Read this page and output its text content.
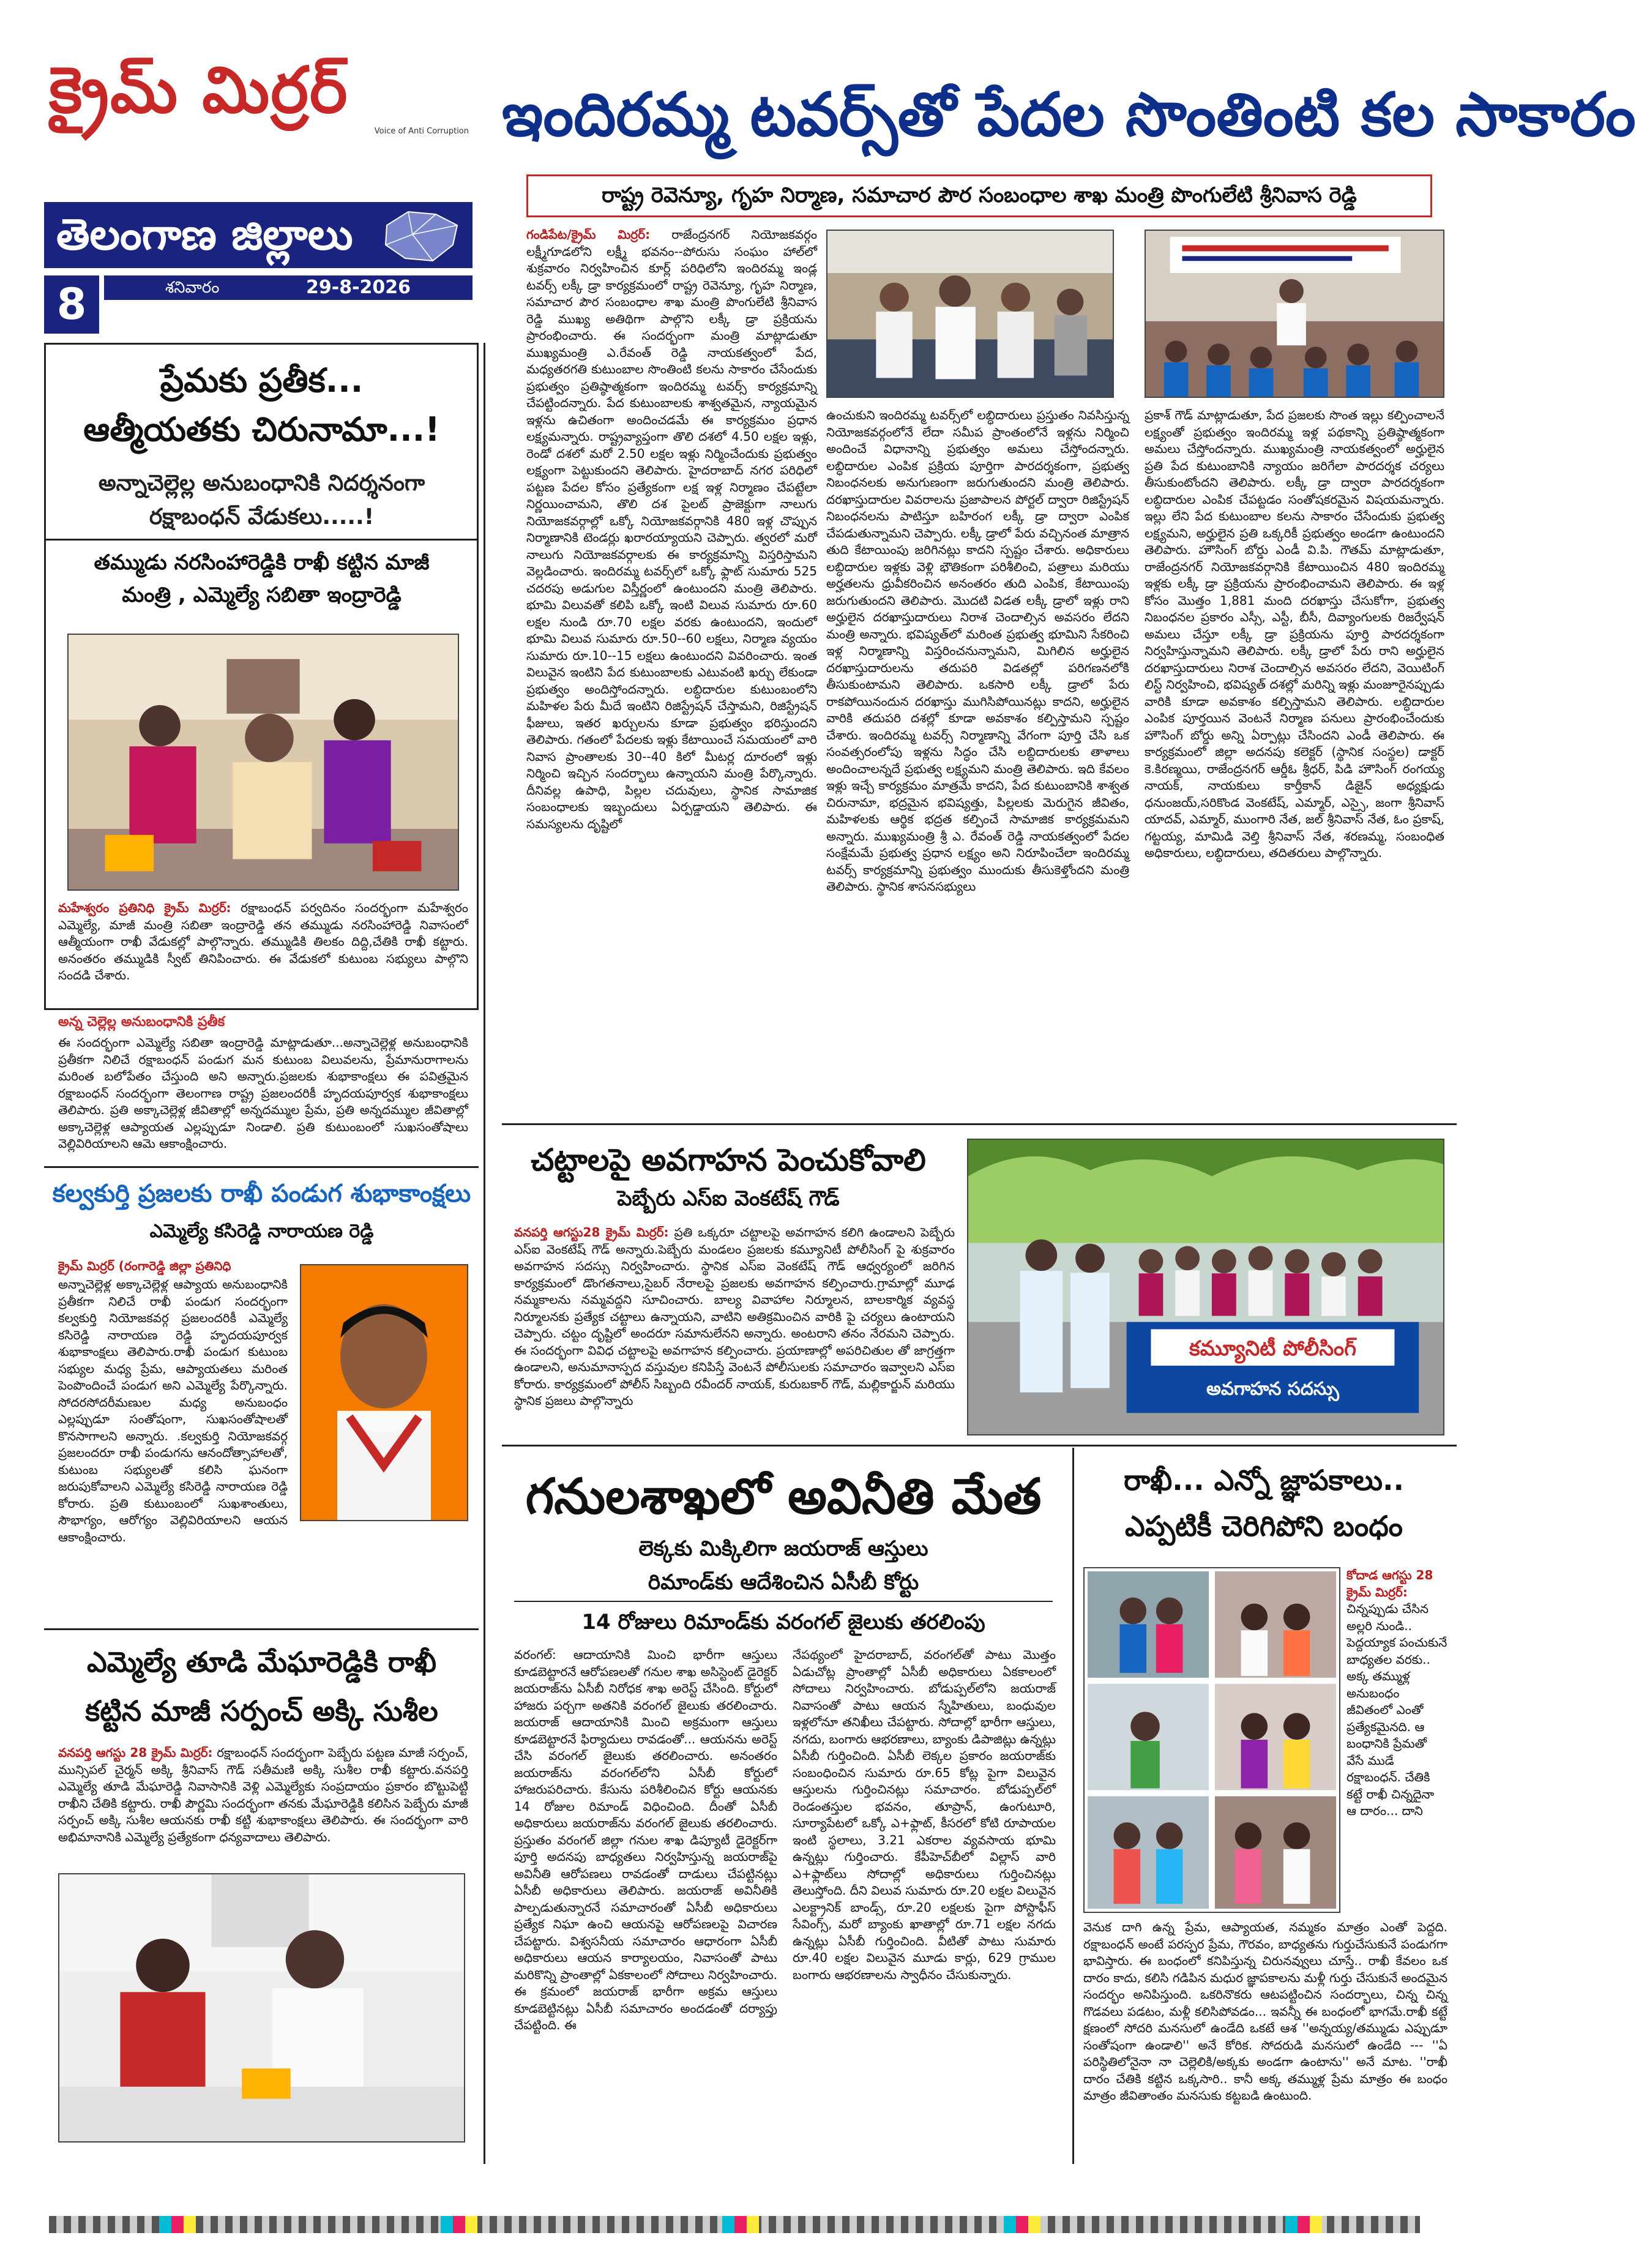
క్రైమ్ మిర్రర్
Voice of Anti Corruption
తెలంగాణ జిల్లాలు
8	శనివారం	29-8-2026
ఇందిరమ్మ టవర్స్‌తో పేదల సొంతింటి కల సాకారం
రాష్ట్ర రెవెన్యూ, గృహ నిర్మాణ, సమాచార పౌర సంబంధాల శాఖ మంత్రి పొంగులేటి శ్రీనివాస రెడ్డి
గండిపేట/క్రైమ్ మిర్రర్: రాజేంద్రనగర్ నియోజకవర్గం లక్ష్మీగూడలోని లక్ష్మీ భవనం--పోరుసు సంఘం హాల్‌లో శుక్రవారం నిర్వహించిన కూర్ల్ పరిధిలోని ఇందిరమ్మ ఇండ్ల టవర్స్ లక్కీ డ్రా కార్యక్రమంలో రాష్ట్ర రెవెన్యూ, గృహ నిర్మాణ, సమాచార పౌర సంబంధాల శాఖ మంత్రి పొంగులేటి శ్రీనివాస రెడ్డి ముఖ్య అతిథిగా పాల్గొని లక్కీ డ్రా ప్రక్రియను ప్రారంభించారు. ఈ సందర్భంగా మంత్రి మాట్లాడుతూ ముఖ్యమంత్రి ఎ.రేవంత్ రెడ్డి నాయకత్వంలో పేద, మధ్యతరగతి కుటుంబాల సొంతింటి కలను సాకారం చేసేందుకు ప్రభుత్వం ప్రతిష్ఠాత్మకంగా ఇందిరమ్మ టవర్స్ కార్యక్రమాన్ని చేపట్టిందన్నారు. పేద కుటుంబాలకు శాశ్వతమైన, న్యాయమైన ఇళ్లను ఉచితంగా అందించడమే ఈ కార్యక్రమం ప్రధాన లక్ష్యమన్నారు. రాష్ట్రవ్యాప్తంగా తొలి దశలో 4.50 లక్షల ఇళ్లు, రెండో దశలో మరో 2.50 లక్షల ఇళ్లు నిర్మించేందుకు ప్రభుత్వం లక్ష్యంగా పెట్టుకుందని తెలిపారు. హైదరాబాద్ నగర పరిధిలో పట్టణ పేదల కోసం ప్రత్యేకంగా లక్ష ఇళ్ల నిర్మాణం చేపట్టేలా నిర్ణయించామని, తొలి దశ పైలట్ ప్రాజెక్టుగా నాలుగు నియోజకవర్గాల్లో ఒక్కో నియోజకవర్గానికి 480 ఇళ్ల చొప్పున నిర్మాణానికి టెండర్లు ఖరారయ్యాయని చెప్పారు. త్వరలో మరో నాలుగు నియోజకవర్గాలకు ఈ కార్యక్రమాన్ని విస్తరిస్తామని వెల్లడించారు. ఇందిరమ్మ టవర్స్‌లో ఒక్కో ఫ్లాట్ సుమారు 525 చదరపు అడుగుల విస్తీర్ణంలో ఉంటుందని మంత్రి తెలిపారు. భూమి విలువతో కలిపి ఒక్కో ఇంటి విలువ సుమారు రూ.60 లక్షల నుండి రూ.70 లక్షల వరకు ఉంటుందని, ఇందులో భూమి విలువ సుమారు రూ.50--60 లక్షలు, నిర్మాణ వ్యయం సుమారు రూ.10--15 లక్షలు ఉంటుందని వివరించారు. ఇంత విలువైన ఇంటిని పేద కుటుంబాలకు ఎటువంటి ఖర్చు లేకుండా ప్రభుత్వం అందిస్తోందన్నారు. లబ్ధిదారుల కుటుంబంలోని మహిళల పేరు మీదే ఇంటిని రిజిస్ట్రేషన్ చేస్తామని, రిజిస్ట్రేషన్ ఫీజులు, ఇతర ఖర్చులను కూడా ప్రభుత్వం భరిస్తుందని తెలిపారు. గతంలో పేదలకు ఇళ్లు కేటాయించే సమయంలో వారి నివాస ప్రాంతాలకు 30--40 కిలో మీటర్ల దూరంలో ఇళ్లు నిర్మించి ఇచ్చిన సందర్భాలు ఉన్నాయని మంత్రి పేర్కొన్నారు. దీనివల్ల ఉపాధి, పిల్లల చదువులు, స్థానిక సామాజిక సంబంధాలకు ఇబ్బందులు ఏర్పడ్డాయని తెలిపారు. ఈ సమస్యలను దృష్టిలో
ఉంచుకుని ఇందిరమ్మ టవర్స్‌లో లబ్ధిదారులు ప్రస్తుతం నివసిస్తున్న నియోజకవర్గంలోనే లేదా సమీప ప్రాంతంలోనే ఇళ్లను నిర్మించి అందించే విధానాన్ని ప్రభుత్వం అమలు చేస్తోందన్నారు. లబ్ధిదారుల ఎంపిక ప్రక్రియ పూర్తిగా పారదర్శకంగా, ప్రభుత్వ నిబంధనలకు అనుగుణంగా జరుగుతుందని మంత్రి తెలిపారు. దరఖాస్తుదారుల వివరాలను ప్రజాపాలన పోర్టల్ ద్వారా రిజిస్ట్రేషన్ నిబంధనలను పాటిస్తూ బహిరంగ లక్కీ డ్రా ద్వారా ఎంపిక చేపడుతున్నామని చెప్పారు. లక్కీ డ్రాలో పేరు వచ్చినంత మాత్రాన తుది కేటాయింపు జరిగినట్లు కాదని స్పష్టం చేశారు. అధికారులు లబ్ధిదారుల ఇళ్లకు వెళ్లి భౌతికంగా పరిశీలించి, పత్రాలు మరియు అర్హతలను ధ్రువీకరించిన అనంతరం తుది ఎంపిక, కేటాయింపు జరుగుతుందని తెలిపారు. మొదటి విడత లక్కీ డ్రాలో ఇళ్లు రాని అర్హులైన దరఖాస్తుదారులు నిరాశ చెందాల్సిన అవసరం లేదని మంత్రి అన్నారు. భవిష్యత్‌లో మరింత ప్రభుత్వ భూమిని సేకరించి ఇళ్ల నిర్మాణాన్ని విస్తరించనున్నామని, మిగిలిన అర్హులైన దరఖాస్తుదారులను తదుపరి విడతల్లో పరిగణనలోకి తీసుకుంటామని తెలిపారు. ఒకసారి లక్కీ డ్రాలో పేరు రాకపోయినందున దరఖాస్తు ముగిసిపోయినట్లు కాదని, అర్హులైన వారికి తదుపరి దశల్లో కూడా అవకాశం కల్పిస్తామని స్పష్టం చేశారు. ఇందిరమ్మ టవర్స్ నిర్మాణాన్ని వేగంగా పూర్తి చేసి ఒక సంవత్సరంలోపు ఇళ్లను సిద్ధం చేసి లబ్ధిదారులకు తాళాలు అందించాలన్నదే ప్రభుత్వ లక్ష్యమని మంత్రి తెలిపారు. ఇది కేవలం ఇళ్లు ఇచ్చే కార్యక్రమం మాత్రమే కాదని, పేద కుటుంబానికి శాశ్వత చిరునామా, భద్రమైన భవిష్యత్తు, పిల్లలకు మెరుగైన జీవితం, మహిళలకు ఆర్థిక భద్రత కల్పించే సామాజిక కార్యక్రమమని అన్నారు. ముఖ్యమంత్రి శ్రీ ఎ. రేవంత్ రెడ్డి నాయకత్వంలో పేదల సంక్షేమమే ప్రభుత్వ ప్రధాన లక్ష్యం అని నిరూపించేలా ఇందిరమ్మ టవర్స్ కార్యక్రమాన్ని ప్రభుత్వం ముందుకు తీసుకెళ్తోందని మంత్రి తెలిపారు. స్థానిక శాసనసభ్యులు
ప్రకాశ్ గౌడ్ మాట్లాడుతూ, పేద ప్రజలకు సొంత ఇల్లు కల్పించాలనే లక్ష్యంతో ప్రభుత్వం ఇందిరమ్మ ఇళ్ల పథకాన్ని ప్రతిష్ఠాత్మకంగా అమలు చేస్తోందన్నారు. ముఖ్యమంత్రి నాయకత్వంలో అర్హులైన ప్రతి పేద కుటుంబానికి న్యాయం జరిగేలా పారదర్శక చర్యలు తీసుకుంటోందని తెలిపారు. లక్కీ డ్రా ద్వారా పారదర్శకంగా లబ్ధిదారుల ఎంపిక చేపట్టడం సంతోషకరమైన విషయమన్నారు. ఇల్లు లేని పేద కుటుంబాల కలను సాకారం చేసేందుకు ప్రభుత్వ లక్ష్యమని, అర్హులైన ప్రతి ఒక్కరికీ ప్రభుత్వం అండగా ఉంటుందని తెలిపారు. హౌసింగ్ బోర్డు ఎండీ వి.పి. గౌతమ్ మాట్లాడుతూ, రాజేంద్రనగర్ నియోజకవర్గానికి కేటాయించిన 480 ఇందిరమ్మ ఇళ్లకు లక్కీ డ్రా ప్రక్రియను ప్రారంభించామని తెలిపారు. ఈ ఇళ్ల కోసం మొత్తం 1,881 మంది దరఖాస్తు చేసుకోగా, ప్రభుత్వ నిబంధనల ప్రకారం ఎస్సీ, ఎస్టీ, బీసీ, దివ్యాంగులకు రిజర్వేషన్ అమలు చేస్తూ లక్కీ డ్రా ప్రక్రియను పూర్తి పారదర్శకంగా నిర్వహిస్తున్నామని తెలిపారు. లక్కీ డ్రాలో పేరు రాని అర్హులైన దరఖాస్తుదారులు నిరాశ చెందాల్సిన అవసరం లేదని, వెయిటింగ్ లిస్ట్ నిర్వహించి, భవిష్యత్ దశల్లో మరిన్ని ఇళ్లు మంజూరైనప్పుడు వారికి కూడా అవకాశం కల్పిస్తామని తెలిపారు. లబ్ధిదారుల ఎంపిక పూర్తయిన వెంటనే నిర్మాణ పనులు ప్రారంభించేందుకు హౌసింగ్ బోర్డు అన్ని ఏర్పాట్లు చేసిందని ఎండీ తెలిపారు. ఈ కార్యక్రమంలో జిల్లా అదనపు కలెక్టర్ (స్థానిక సంస్థల) డాక్టర్ కె.కిరణ్మయి, రాజేంద్రనగర్ ఆర్డీఓ శ్రీధర్, పిడి హౌసింగ్ రంగయ్య నాయక్, నాయకులు కార్తీకాన్ డిజైన్ అధ్యక్షుడు ధనుంజయ్,సరికొండ వెంకటేష్, ఎమ్మార్, ఎస్సై, జంగా శ్రీనివాస్ యాదవ్, ఎమ్మార్, ముంగారి నేత, జల్ శ్రీనివాస్ నేత, ఓం ప్రకాష్, గట్టయ్య, మామిడి వెల్తి శ్రీనివాస్ నేత, శరణమ్మ, సంబంధిత అధికారులు, లబ్ధిదారులు, తదితరులు పాల్గొన్నారు.
ప్రేమకు ప్రతీక...
ఆత్మీయతకు చిరునామా...!
అన్నాచెల్లెల్ల అనుబంధానికి నిదర్శనంగా
రక్షాబంధన్ వేడుకలు.....!
తమ్ముడు నరసింహారెడ్డికి రాఖీ కట్టిన మాజీ
మంత్రి , ఎమ్మెల్యే సబితా ఇంద్రారెడ్డి
మహేశ్వరం ప్రతినిధి క్రైమ్ మిర్రర్: రక్షాబంధన్ పర్వదినం సందర్భంగా మహేశ్వరం ఎమ్మెల్యే, మాజీ మంత్రి సబితా ఇంద్రారెడ్డి తన తమ్ముడు నరసింహారెడ్డి నివాసంలో ఆత్మీయంగా రాఖీ వేడుకల్లో పాల్గొన్నారు. తమ్ముడికి తిలకం దిద్ది,చేతికి రాఖీ కట్టారు. అనంతరం తమ్ముడికి స్వీట్ తినిపించారు. ఈ వేడుకలో కుటుంబ సభ్యులు పాల్గొని సందడి చేశారు.
అన్న చెల్లెల్ల అనుబంధానికి ప్రతీక
ఈ సందర్భంగా ఎమ్మెల్యే సబితా ఇంద్రారెడ్డి మాట్లాడుతూ...అన్నాచెల్లెళ్ల అనుబంధానికి ప్రతీకగా నిలిచే రక్షాబంధన్ పండుగ మన కుటుంబ విలువలను, ప్రేమానురాగాలను మరింత బలోపేతం చేస్తుంది అని అన్నారు.ప్రజలకు శుభాకాంక్షలు ఈ పవిత్రమైన రక్షాబంధన్ సందర్భంగా తెలంగాణ రాష్ట్ర ప్రజలందరికీ హృదయపూర్వక శుభాకాంక్షలు తెలిపారు. ప్రతి అక్కాచెల్లెళ్ల జీవితాల్లో అన్నదమ్ముల ప్రేమ, ప్రతి అన్నదమ్ముల జీవితాల్లో అక్కాచెల్లెళ్ల ఆప్యాయత ఎల్లప్పుడూ నిండాలి. ప్రతి కుటుంబంలో సుఖసంతోషాలు వెల్లివిరియాలని ఆమె ఆకాంక్షించారు.
కల్వకుర్తి ప్రజలకు రాఖీ పండుగ శుభాకాంక్షలు
ఎమ్మెల్యే కసిరెడ్డి నారాయణ రెడ్డి
క్రైమ్ మిర్రర్ (రంగారెడ్డి జిల్లా ప్రతినిధి
అన్నాచెల్లెళ్ల అక్కాచెల్లెళ్ల ఆప్యాయ అనుబంధానికి ప్రతీకగా నిలిచే రాఖీ పండుగ సందర్భంగా కల్వకుర్తి నియోజకవర్గ ప్రజలందరికీ ఎమ్మెల్యే కసిరెడ్డి నారాయణ రెడ్డి హృదయపూర్వక శుభాకాంక్షలు తెలిపారు.రాఖీ పండుగ కుటుంబ సభ్యుల మధ్య ప్రేమ, ఆప్యాయతలు మరింత పెంపొందించే పండుగ అని ఎమ్మెల్యే పేర్కొన్నారు. సోదరసోదరీమణుల మధ్య అనుబంధం ఎల్లప్పుడూ సంతోషంగా, సుఖసంతోషాలతో కొనసాగాలని అన్నారు. .కల్వకుర్తి నియోజకవర్గ ప్రజలందరూ రాఖీ పండుగను ఆనందోత్సాహాలతో, కుటుంబ సభ్యులతో కలిసి ఘనంగా జరుపుకోవాలని ఎమ్మెల్యే కసిరెడ్డి నారాయణ రెడ్డి కోరారు. ప్రతి కుటుంబంలో సుఖశాంతులు, సౌభాగ్యం, ఆరోగ్యం వెల్లివిరియాలని ఆయన ఆకాంక్షించారు.
ఎమ్మెల్యే తూడి మేఘారెడ్డికి రాఖీ
కట్టిన మాజీ సర్పంచ్ అక్కి సుశీల
వనపర్తి ఆగస్టు 28 క్రైమ్ మిర్రర్: రక్షాబంధన్ సందర్భంగా పెబ్బేరు పట్టణ మాజీ సర్పంచ్, మున్సిపల్ చైర్మన్ అక్కి శ్రీనివాస్ గౌడ్ సతీమణి అక్కి సుశీల రాఖీ కట్టారు.వనపర్తి ఎమ్మెల్యే తూడి మేఘారెడ్డి నివాసానికి వెళ్లి ఎమ్మెల్యేకు సంప్రదాయం ప్రకారం బొట్టుపెట్టి రాఖీని చేతికి కట్టారు. రాఖీ పౌర్ణమి సందర్భంగా తనకు మేఘారెడ్డికి కలిసిన పెబ్బేరు మాజీ సర్పంచ్ అక్కి సుశీల ఆయనకు రాఖీ కట్టి శుభాకాంక్షలు తెలిపారు. ఈ సందర్భంగా వారి అభిమానానికి ఎమ్మెల్యే ప్రత్యేకంగా ధన్యవాదాలు తెలిపారు.
చట్టాలపై అవగాహన పెంచుకోవాలి
పెబ్బేరు ఎస్ఐ వెంకటేష్ గౌడ్
వనపర్తి ఆగస్టు28 క్రైమ్ మిర్రర్: ప్రతి ఒక్కరూ చట్టాలపై అవగాహన కలిగి ఉండాలని పెబ్బేరు ఎస్ఐ వెంకటేష్ గౌడ్ అన్నారు.పెబ్బేరు మండలం ప్రజలకు కమ్యూనిటీ పోలీసింగ్ పై శుక్రవారం అవగాహన సదస్సు నిర్వహించారు. స్థానిక ఎస్ఐ వెంకటేష్ గౌడ్ ఆధ్వర్యంలో జరిగిన కార్యక్రమంలో డొంగతనాలు,సైబర్ నేరాలపై ప్రజలకు అవగాహన కల్పించారు.గ్రామాల్లో మూఢ నమ్మకాలను నమ్మవద్దని సూచించారు. బాల్య వివాహాల నిర్మూలన, బాలకార్మిక వ్యవస్థ నిర్మూలనకు ప్రత్యేక చట్టాలు ఉన్నాయని, వాటిని అతిక్రమించిన వారికి పై చర్యలు ఉంటాయని చెప్పారు. చట్టం దృష్టిలో అందరూ సమానులేనని అన్నారు. అంటరాని తనం నేరమని చెప్పారు. ఈ సందర్భంగా వివిధ చట్టాలపై అవగాహన కల్పించారు. ప్రయాణాల్లో అపరిచితుల తో జాగ్రత్తగా ఉండాలని, అనుమానాస్పద వస్తువుల కనిపిస్తే వెంటనే పోలీసులకు సమాచారం ఇవ్వాలని ఎస్ఐ కోరారు. కార్యక్రమంలో పోలీస్ సిబ్బంది రవీందర్ నాయక్, కురుబకార్ గౌడ్, మల్లికార్జున్ మరియు స్థానిక ప్రజలు పాల్గొన్నారు
కమ్యూనిటీ పోలీసింగ్
అవగాహన సదస్సు
గనులశాఖలో అవినీతి మేత
లెక్కకు మిక్కిలిగా జయరాజ్ ఆస్తులు
రిమాండ్‌కు ఆదేశించిన ఏసీబీ కోర్టు
14 రోజులు రిమాండ్‌కు వరంగల్ జైలుకు తరలింపు
వరంగల్: ఆదాయానికి మించి భారీగా ఆస్తులు కూడబెట్టారనే ఆరోపణలతో గనుల శాఖ అసిస్టెంట్ డైరెక్టర్ జయరాజ్‌ను ఏసీబీ నిరోధక శాఖ అరెస్ట్ చేసింది. కోర్టులో హాజరు పర్చగా అతనికి వరంగల్ జైలుకు తరలించారు. జయరాజ్ ఆదాయానికి మించి అక్రమంగా ఆస్తులు కూడబెట్టారనే ఫిర్యాదులు రావడంతో... ఆయనను అరెస్ట్ చేసి వరంగల్ జైలుకు తరలించారు. అనంతరం జయరాజ్‌ను వరంగల్‌లోని ఏసీబీ కోర్టులో హాజరుపరిచారు. కేసును పరిశీలించిన కోర్టు ఆయనకు 14 రోజుల రిమాండ్ విధించింది. దీంతో ఏసీబీ అధికారులు జయరాజ్‌ను వరంగల్ జైలుకు తరలించారు. ప్రస్తుతం వరంగల్ జిల్లా గనుల శాఖ డిప్యూటీ డైరెక్టర్‌గా పూర్తి అదనపు బాధ్యతలు నిర్వహిస్తున్న జయరాజ్‌పై అవినీతి ఆరోపణలు రావడంతో దాడులు చేపట్టినట్లు ఏసీబీ అధికారులు తెలిపారు. జయరాజ్ అవినీతికి పాల్పడుతున్నారనే సమాచారంతో ఏసీబీ అధికారులు ప్రత్యేక నిఘా ఉంచి ఆయనపై ఆరోపణలపై విచారణ చేపట్టారు. విశ్వసనీయ సమాచారం ఆధారంగా ఏసీబీ అధికారులు ఆయన కార్యాలయం, నివాసంతో పాటు మరికొన్ని ప్రాంతాల్లో ఏకకాలంలో సోదాలు నిర్వహించారు. ఈ క్రమంలో జయరాజ్ భారీగా అక్రమ ఆస్తులు కూడబెట్టినట్లు ఏసీబీ సమాచారం అందడంతో దర్యాప్తు చేపట్టింది. ఈ
నేపథ్యంలో హైదరాబాద్, వరంగల్‌తో పాటు మొత్తం ఏడుచోట్ల ప్రాంతాల్లో ఏసీబీ అధికారులు ఏకకాలంలో సోదాలు నిర్వహించారు. బోడుప్పల్‌లోని జయరాజ్ నివాసంతో పాటు ఆయన స్నేహితులు, బంధువుల ఇళ్లలోనూ తనిఖీలు చేపట్టారు. సోదాల్లో భారీగా ఆస్తులు, నగదు, బంగారు ఆభరణాలు, బ్యాంకు డిపాజిట్లు ఉన్నట్లు ఏసీబీ గుర్తించింది. ఏసీబీ లెక్కల ప్రకారం జయరాజ్‌కు సంబంధించిన సుమారు రూ.65 కోట్ల పైగా విలువైన ఆస్తులను గుర్తించినట్లు సమాచారం. బోడుప్పల్‌లో రెండంతస్తుల భవనం, తూప్రాన్, ఉంగుటూరి, సూర్యాపేటలో ఒక్కో ఎ+ఫ్లాట్, కీసరలో కోటి రూపాయల ఇంటి స్థలాలు, 3.21 ఎకరాల వ్యవసాయ భూమి ఉన్నట్లు గుర్తించారు. కేపీహెచ్‌బీలో విల్లాస్ వారి ఎ+ఫ్లాట్‌లు సోదాల్లో అధికారులు గుర్తించినట్లు తెలుస్తోంది. దీని విలువ సుమారు రూ.20 లక్షల విలువైన ఎలక్ట్రానిక్ బాండ్స్, రూ.20 లక్షలకు పైగా పోస్టాఫీస్ సేవింగ్స్, మరో బ్యాంకు ఖాతాల్లో రూ.71 లక్షల నగదు ఉన్నట్లు ఏసీబీ గుర్తించింది. వీటితో పాటు సుమారు రూ.40 లక్షల విలువైన మూడు కార్లు, 629 గ్రాముల బంగారు ఆభరణాలను స్వాధీనం చేసుకున్నారు.
రాఖీ... ఎన్నో జ్ఞాపకాలు..
ఎప్పటికీ చెరిగిపోని బంధం
కోదాడ ఆగస్టు 28 క్రైమ్ మిర్రర్: చిన్నప్పుడు చేసిన అల్లరి నుండి.. పెద్దయ్యాక పంచుకునే బాధ్యతల వరకు.. అక్క తమ్ముళ్ల అనుబంధం జీవితంలో ఎంతో ప్రత్యేకమైనది. ఆ బంధానికి ప్రేమతో వేసే ముడే రక్షాబంధన్. చేతికి కట్టే రాఖీ చిన్నదైనా ఆ దారం... దాని
వెనుక దాగి ఉన్న ప్రేమ, ఆప్యాయత, నమ్మకం మాత్రం ఎంతో పెద్దది. రక్షాబంధన్ అంటే పరస్పర ప్రేమ, గౌరవం, బాధ్యతను గుర్తుచేసుకునే పండుగగా భావిస్తారు. ఈ బంధంలో కనిపిస్తున్న చిరునవ్వులు చూస్తే.. రాఖీ కేవలం ఒక దారం కాదు, కలిసి గడిపిన మధుర జ్ఞాపకాలను మళ్లీ గుర్తు చేసుకునే అందమైన సందర్భం అనిపిస్తుంది. ఒకరినొకరు ఆటపట్టించిన సందర్భాలు, చిన్న చిన్న గొడవలు పడటం, మళ్లీ కలిసిపోవడం... ఇవన్నీ ఈ బంధంలో భాగమే.రాఖీ కట్టే క్షణంలో సోదరి మనసులో ఉండేది ఒకటే ఆశ ''అన్నయ్య/తమ్ముడు ఎప్పుడూ సంతోషంగా ఉండాలి'' అనే కోరిక. సోదరుడి మనసులో ఉండేది --- ''ఏ పరిస్థితిలోనైనా నా చెల్లెలికి/అక్కకు అండగా ఉంటాను'' అనే మాట. ''రాఖీ దారం చేతికి కట్టిన ఒక్కసారి.. కానీ అక్క తమ్ముళ్ల ప్రేమ మాత్రం ఈ బంధం మాత్రం జీవితాంతం మనసుకు కట్టబడి ఉంటుంది.
